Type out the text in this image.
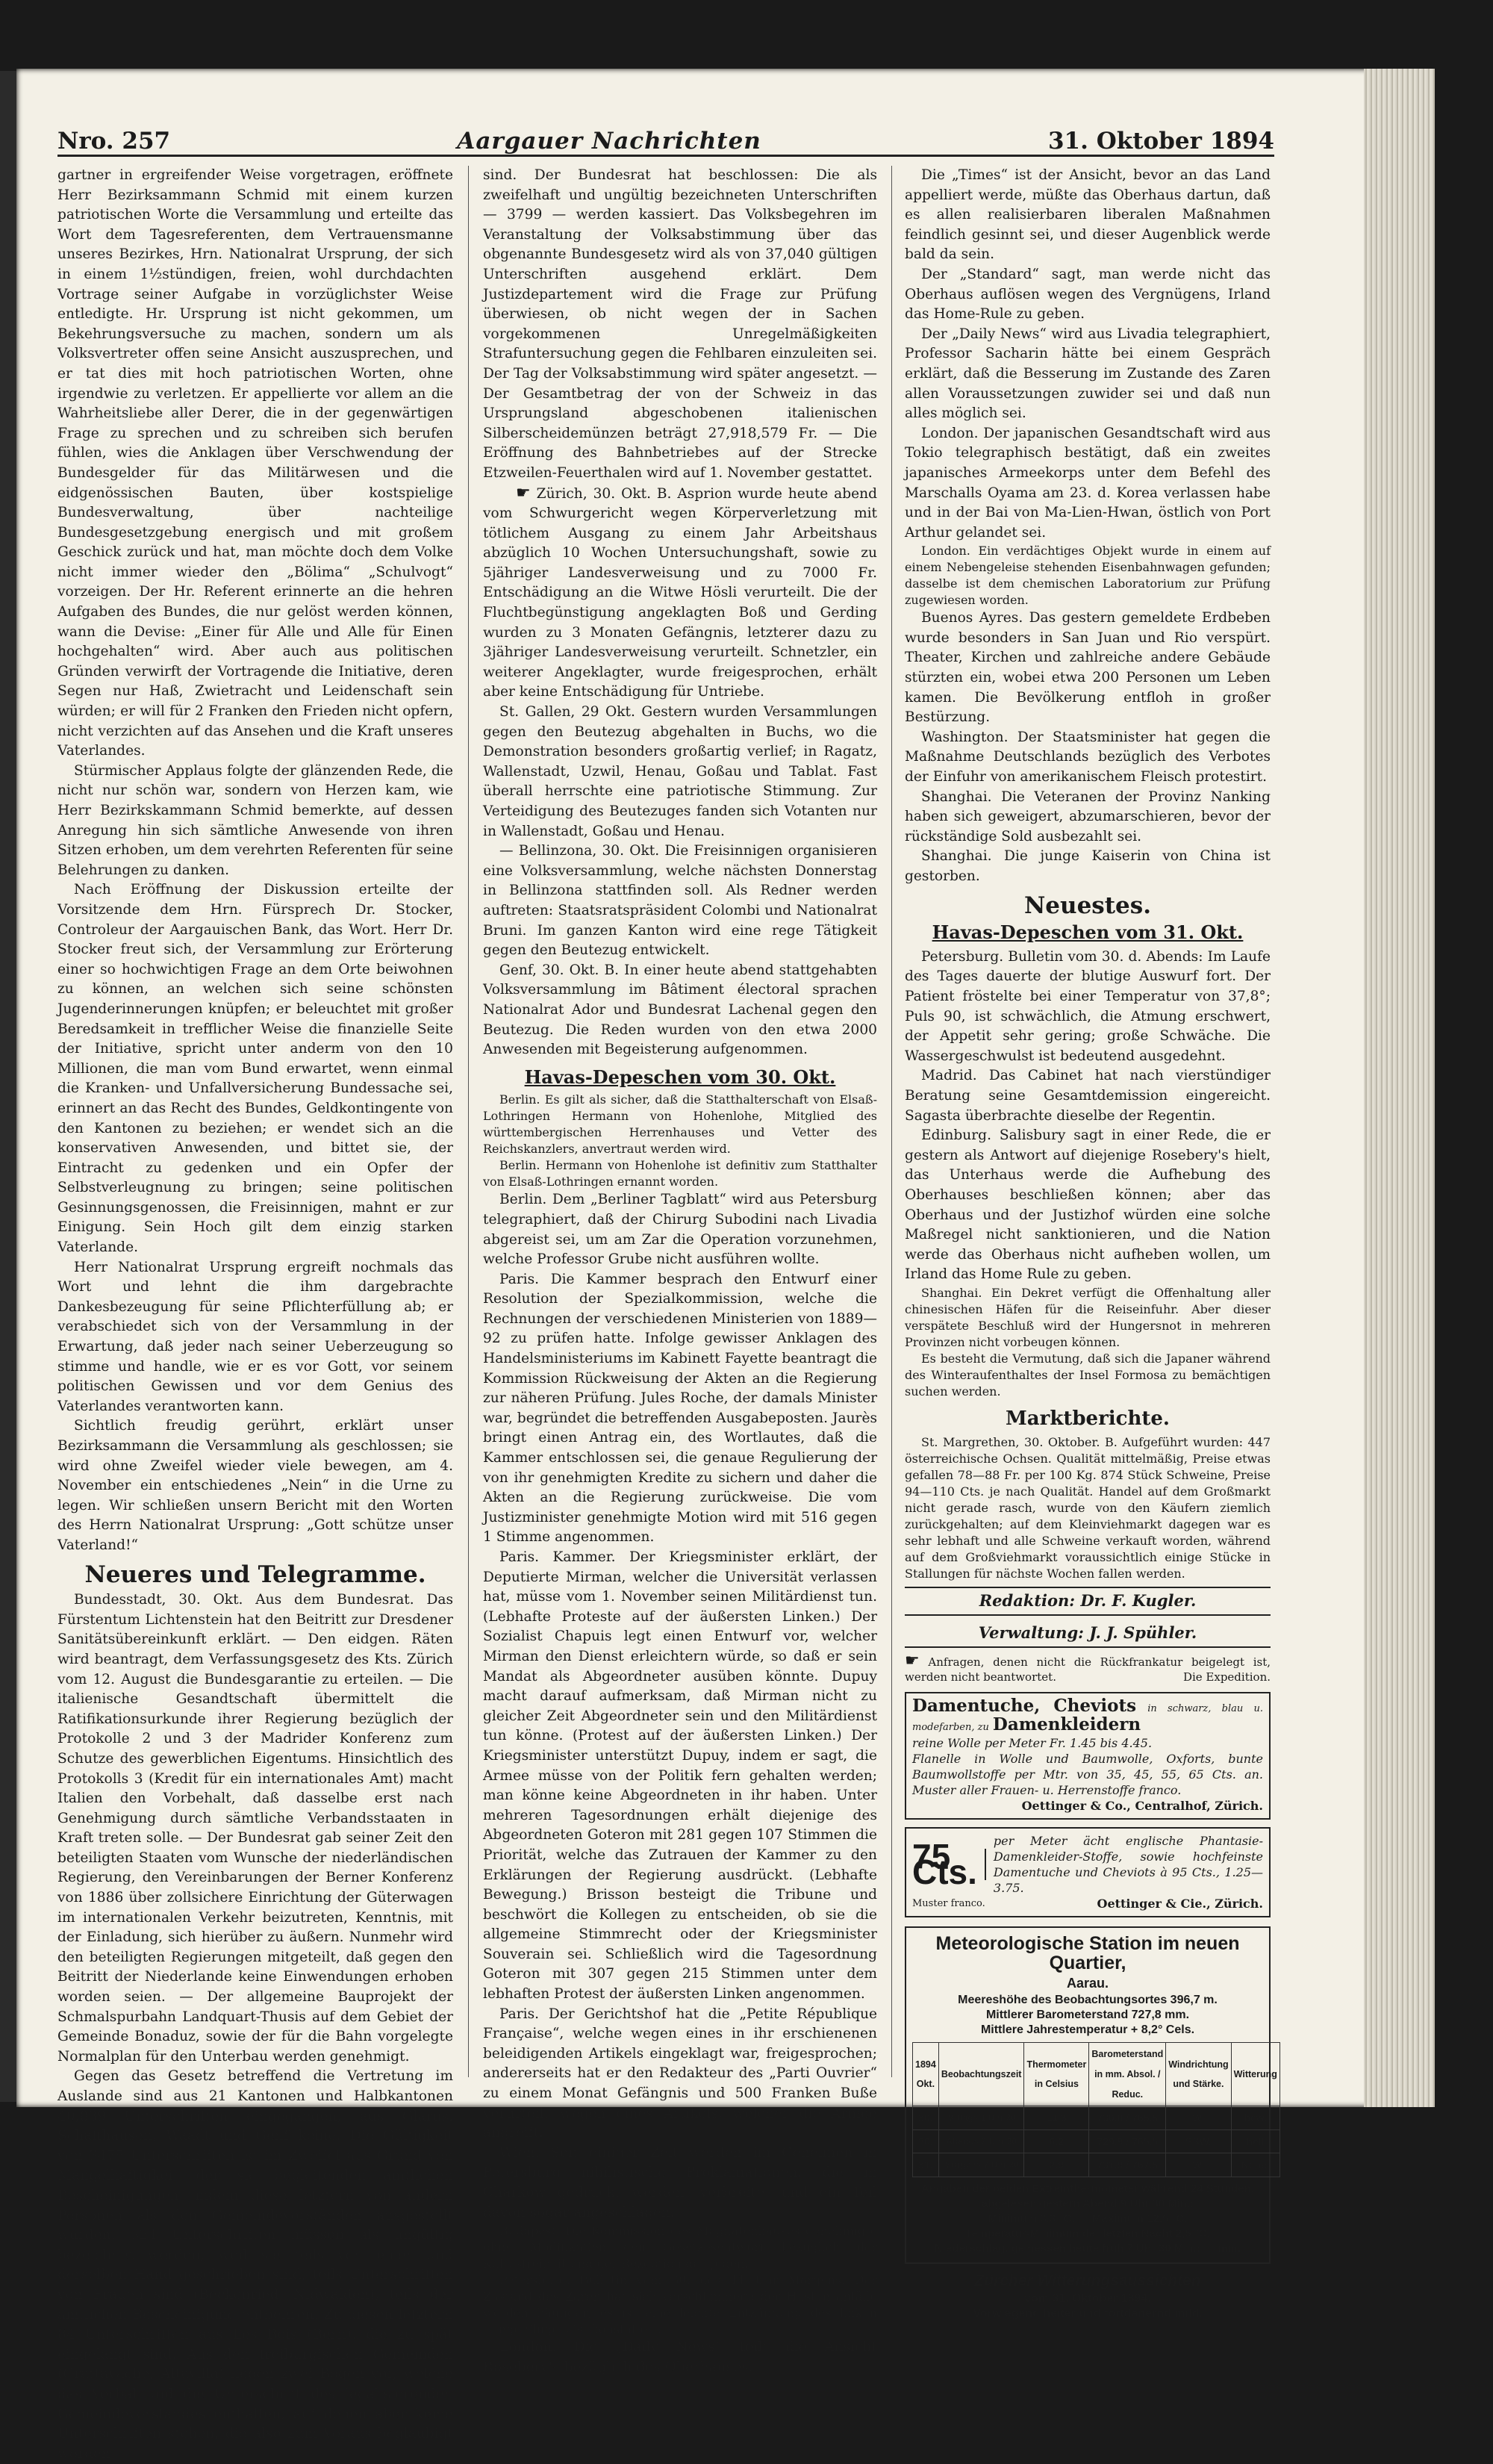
Nro. 257	Aargauer Nachrichten	31. Oktober 1894

gartner in ergreifender Weise vorgetragen, eröffnete Herr Bezirksammann Schmid mit einem kurzen patriotischen Worte die Versammlung und erteilte das Wort dem Tagesreferenten, dem Vertrauensmanne unseres Bezirkes, Hrn. Nationalrat Ursprung, der sich in einem 1½stündigen, freien, wohl durchdachten Vortrage seiner Aufgabe in vorzüglichster Weise entledigte. Hr. Ursprung ist nicht gekommen, um Bekehrungsversuche zu machen, sondern um als Volksvertreter offen seine Ansicht auszusprechen, und er tat dies mit hoch patriotischen Worten, ohne irgendwie zu verletzen. Er appellierte vor allem an die Wahrheitsliebe aller Derer, die in der gegenwärtigen Frage zu sprechen und zu schreiben sich berufen fühlen, wies die Anklagen über Verschwendung der Bundesgelder für das Militärwesen und die eidgenössischen Bauten, über kostspielige Bundesverwaltung, über nachteilige Bundesgesetzgebung energisch und mit großem Geschick zurück und hat, man möchte doch dem Volke nicht immer wieder den „Bölima“ „Schulvogt“ vorzeigen. Der Hr. Referent erinnerte an die hehren Aufgaben des Bundes, die nur gelöst werden können, wann die Devise: „Einer für Alle und Alle für Einen hochgehalten“ wird. Aber auch aus politischen Gründen verwirft der Vortragende die Initiative, deren Segen nur Haß, Zwietracht und Leidenschaft sein würden; er will für 2 Franken den Frieden nicht opfern, nicht verzichten auf das Ansehen und die Kraft unseres Vaterlandes.

Stürmischer Applaus folgte der glänzenden Rede, die nicht nur schön war, sondern von Herzen kam, wie Herr Bezirkskammann Schmid bemerkte, auf dessen Anregung hin sich sämtliche Anwesende von ihren Sitzen erhoben, um dem verehrten Referenten für seine Belehrungen zu danken.

Nach Eröffnung der Diskussion erteilte der Vorsitzende dem Hrn. Fürsprech Dr. Stocker, Controleur der Aargauischen Bank, das Wort. Herr Dr. Stocker freut sich, der Versammlung zur Erörterung einer so hochwichtigen Frage an dem Orte beiwohnen zu können, an welchen sich seine schönsten Jugenderinnerungen knüpfen; er beleuchtet mit großer Beredsamkeit in trefflicher Weise die finanzielle Seite der Initiative, spricht unter anderm von den 10 Millionen, die man vom Bund erwartet, wenn einmal die Kranken- und Unfallversicherung Bundessache sei, erinnert an das Recht des Bundes, Geldkontingente von den Kantonen zu beziehen; er wendet sich an die konservativen Anwesenden, und bittet sie, der Eintracht zu gedenken und ein Opfer der Selbstverleugnung zu bringen; seine politischen Gesinnungsgenossen, die Freisinnigen, mahnt er zur Einigung. Sein Hoch gilt dem einzig starken Vaterlande.

Herr Nationalrat Ursprung ergreift nochmals das Wort und lehnt die ihm dargebrachte Dankesbezeugung für seine Pflichterfüllung ab; er verabschiedet sich von der Versammlung in der Erwartung, daß jeder nach seiner Ueberzeugung so stimme und handle, wie er es vor Gott, vor seinem politischen Gewissen und vor dem Genius des Vaterlandes verantworten kann.

Sichtlich freudig gerührt, erklärt unser Bezirksammann die Versammlung als geschlossen; sie wird ohne Zweifel wieder viele bewegen, am 4. November ein entschiedenes „Nein“ in die Urne zu legen. Wir schließen unsern Bericht mit den Worten des Herrn Nationalrat Ursprung: „Gott schütze unser Vaterland!“

Neueres und Telegramme.

Bundesstadt, 30. Okt. Aus dem Bundesrat. Das Fürstentum Lichtenstein hat den Beitritt zur Dresdener Sanitätsübereinkunft erklärt. — Den eidgen. Räten wird beantragt, dem Verfassungsgesetz des Kts. Zürich vom 12. August die Bundesgarantie zu erteilen. — Die italienische Gesandtschaft übermittelt die Ratifikationsurkunde ihrer Regierung bezüglich der Protokolle 2 und 3 der Madrider Konferenz zum Schutze des gewerblichen Eigentums. Hinsichtlich des Protokolls 3 (Kredit für ein internationales Amt) macht Italien den Vorbehalt, daß dasselbe erst nach Genehmigung durch sämtliche Verbandsstaaten in Kraft treten solle. — Der Bundesrat gab seiner Zeit den beteiligten Staaten vom Wunsche der niederländischen Regierung, den Vereinbarungen der Berner Konferenz von 1886 über zollsichere Einrichtung der Güterwagen im internationalen Verkehr beizutreten, Kenntnis, mit der Einladung, sich hierüber zu äußern. Nunmehr wird den beteiligten Regierungen mitgeteilt, daß gegen den Beitritt der Niederlande keine Einwendungen erhoben worden seien. — Der allgemeine Bauprojekt der Schmalspurbahn Landquart-Thusis auf dem Gebiet der Gemeinde Bonaduz, sowie der für die Bahn vorgelegte Normalplan für den Unterbau werden genehmigt.

Gegen das Gesetz betreffend die Vertretung im Auslande sind aus 21 Kantonen und Halbkantonen 40,839 Unterschriften eingegangen, aus Glarus, Schaffhausen, Waadt und Genf keine. Die Gültigkeit von 3475 Unterschriften ist im Zweifel aus Grund von Mangelhaftigkeit der sie begleitenden amtlichen Bescheinigungen, indem diese letztern von andern Personen als den Gemeindevorständen ausgestellt wurden. 324 Unterschriften müssen als ungültig bezeichnet werden, weil sie teils von einer und derselben Hand geschrieben sind, teils Unterschriften von Frauen sind (Beckenried, Nidwalden), teils der amtlichen Bescheinigung entbehren. Zu diesen letztern 84 Unterschriften aus Les Bois (Bern), die zu spät eingelangt sind. Aus den freiburgischen Gemeinden (Grattavache, Altavilla) liegen zwei Bogen vor, welche das Verbal und die Unterschrift des legalisierenden Gemeindevorstandes enthalten, auf denen aber keine Unterschriften stehen, die also zum Voraus beglaubigt worden

sind. Der Bundesrat hat beschlossen: Die als zweifelhaft und ungültig bezeichneten Unterschriften — 3799 — werden kassiert. Das Volksbegehren im Veranstaltung der Volksabstimmung über das obgenannte Bundesgesetz wird als von 37,040 gültigen Unterschriften ausgehend erklärt. Dem Justizdepartement wird die Frage zur Prüfung überwiesen, ob nicht wegen der in Sachen vorgekommenen Unregelmäßigkeiten Strafuntersuchung gegen die Fehlbaren einzuleiten sei. Der Tag der Volksabstimmung wird später angesetzt. — Der Gesamtbetrag der von der Schweiz in das Ursprungsland abgeschobenen italienischen Silberscheidemünzen beträgt 27,918,579 Fr. — Die Eröffnung des Bahnbetriebes auf der Strecke Etzweilen-Feuerthalen wird auf 1. November gestattet.

☛ Zürich, 30. Okt. B. Asprion wurde heute abend vom Schwurgericht wegen Körperverletzung mit tötlichem Ausgang zu einem Jahr Arbeitshaus abzüglich 10 Wochen Untersuchungshaft, sowie zu 5jähriger Landesverweisung und zu 7000 Fr. Entschädigung an die Witwe Hösli verurteilt. Die der Fluchtbegünstigung angeklagten Boß und Gerding wurden zu 3 Monaten Gefängnis, letzterer dazu zu 3jähriger Landesverweisung verurteilt. Schnetzler, ein weiterer Angeklagter, wurde freigesprochen, erhält aber keine Entschädigung für Untriebe.

St. Gallen, 29 Okt. Gestern wurden Versammlungen gegen den Beutezug abgehalten in Buchs, wo die Demonstration besonders großartig verlief; in Ragatz, Wallenstadt, Uzwil, Henau, Goßau und Tablat. Fast überall herrschte eine patriotische Stimmung. Zur Verteidigung des Beutezuges fanden sich Votanten nur in Wallenstadt, Goßau und Henau.

— Bellinzona, 30. Okt. Die Freisinnigen organisieren eine Volksversammlung, welche nächsten Donnerstag in Bellinzona stattfinden soll. Als Redner werden auftreten: Staatsratspräsident Colombi und Nationalrat Bruni. Im ganzen Kanton wird eine rege Tätigkeit gegen den Beutezug entwickelt.

Genf, 30. Okt. B. In einer heute abend stattgehabten Volksversammlung im Bâtiment électoral sprachen Nationalrat Ador und Bundesrat Lachenal gegen den Beutezug. Die Reden wurden von den etwa 2000 Anwesenden mit Begeisterung aufgenommen.

Havas-Depeschen vom 30. Okt.

Berlin. Es gilt als sicher, daß die Statthalterschaft von Elsaß-Lothringen Hermann von Hohenlohe, Mitglied des württembergischen Herrenhauses und Vetter des Reichskanzlers, anvertraut werden wird.

Berlin. Hermann von Hohenlohe ist definitiv zum Statthalter von Elsaß-Lothringen ernannt worden.

Berlin. Dem „Berliner Tagblatt“ wird aus Petersburg telegraphiert, daß der Chirurg Subodini nach Livadia abgereist sei, um am Zar die Operation vorzunehmen, welche Professor Grube nicht ausführen wollte.

Paris. Die Kammer besprach den Entwurf einer Resolution der Spezialkommission, welche die Rechnungen der verschiedenen Ministerien von 1889—92 zu prüfen hatte. Infolge gewisser Anklagen des Handelsministeriums im Kabinett Fayette beantragt die Kommission Rückweisung der Akten an die Regierung zur näheren Prüfung. Jules Roche, der damals Minister war, begründet die betreffenden Ausgabeposten. Jaurès bringt einen Antrag ein, des Wortlautes, daß die Kammer entschlossen sei, die genaue Regulierung der von ihr genehmigten Kredite zu sichern und daher die Akten an die Regierung zurückweise. Die vom Justizminister genehmigte Motion wird mit 516 gegen 1 Stimme angenommen.

Paris. Kammer. Der Kriegsminister erklärt, der Deputierte Mirman, welcher die Universität verlassen hat, müsse vom 1. November seinen Militärdienst tun. (Lebhafte Proteste auf der äußersten Linken.) Der Sozialist Chapuis legt einen Entwurf vor, welcher Mirman den Dienst erleichtern würde, so daß er sein Mandat als Abgeordneter ausüben könnte. Dupuy macht darauf aufmerksam, daß Mirman nicht zu gleicher Zeit Abgeordneter sein und den Militärdienst tun könne. (Protest auf der äußersten Linken.) Der Kriegsminister unterstützt Dupuy, indem er sagt, die Armee müsse von der Politik fern gehalten werden; man könne keine Abgeordneten in ihr haben. Unter mehreren Tagesordnungen erhält diejenige des Abgeordneten Goteron mit 281 gegen 107 Stimmen die Priorität, welche das Zutrauen der Kammer zu den Erklärungen der Regierung ausdrückt. (Lebhafte Bewegung.) Brisson besteigt die Tribune und beschwört die Kollegen zu entscheiden, ob sie die allgemeine Stimmrecht oder der Kriegsminister Souverain sei. Schließlich wird die Tagesordnung Goteron mit 307 gegen 215 Stimmen unter dem lebhaften Protest der äußersten Linken angenommen.

Paris. Der Gerichtshof hat die „Petite République Française“, welche wegen eines in ihr erschienenen beleidigenden Artikels eingeklagt war, freigesprochen; andererseits hat er den Redakteur des „Parti Ouvrier“ zu einem Monat Gefängnis und 500 Franken Buße verurteilt wegen eines Artikels, welcher die Armee angreift.

Wien. Seit einiger Zeit werden im Geheimen in Petersburg nihilistische Proklamationen, die in Charkow gedruckt werden, verbreitet und ein Teil davon sogar angeschlagen.

Budapest. Die Kommission des Magnatenhauses genehmigte ohne Modifikation den Gesetzesentwurf bezüglich der Kultusfreiheit und der Rezeption der Juden.

Petersburg. Bulletin vom 30. des 11 Uhr Morgens. Der Zustand des Zaren hat sich verschlimmert; der Husten anfälle werden häufiger; es ist eine leichte Entzündung des linken Lungenflügels ist konstatiert.

London. Die „Daily News“ teilt die Ansicht Rosebery's bezüglich des Oberhauses.

Die „Times“ ist der Ansicht, bevor an das Land appelliert werde, müßte das Oberhaus dartun, daß es allen realisierbaren liberalen Maßnahmen feindlich gesinnt sei, und dieser Augenblick werde bald da sein.

Der „Standard“ sagt, man werde nicht das Oberhaus auflösen wegen des Vergnügens, Irland das Home-Rule zu geben.

Der „Daily News“ wird aus Livadia telegraphiert, Professor Sacharin hätte bei einem Gespräch erklärt, daß die Besserung im Zustande des Zaren allen Voraussetzungen zuwider sei und daß nun alles möglich sei.

London. Der japanischen Gesandtschaft wird aus Tokio telegraphisch bestätigt, daß ein zweites japanisches Armeekorps unter dem Befehl des Marschalls Oyama am 23. d. Korea verlassen habe und in der Bai von Ma-Lien-Hwan, östlich von Port Arthur gelandet sei.

London. Ein verdächtiges Objekt wurde in einem auf einem Nebengeleise stehenden Eisenbahnwagen gefunden; dasselbe ist dem chemischen Laboratorium zur Prüfung zugewiesen worden.

Buenos Ayres. Das gestern gemeldete Erdbeben wurde besonders in San Juan und Rio verspürt. Theater, Kirchen und zahlreiche andere Gebäude stürzten ein, wobei etwa 200 Personen um Leben kamen. Die Bevölkerung entfloh in großer Bestürzung.

Washington. Der Staatsminister hat gegen die Maßnahme Deutschlands bezüglich des Verbotes der Einfuhr von amerikanischem Fleisch protestirt.

Shanghai. Die Veteranen der Provinz Nanking haben sich geweigert, abzumarschieren, bevor der rückständige Sold ausbezahlt sei.

Shanghai. Die junge Kaiserin von China ist gestorben.

Neuestes.
Havas-Depeschen vom 31. Okt.

Petersburg. Bulletin vom 30. d. Abends: Im Laufe des Tages dauerte der blutige Auswurf fort. Der Patient fröstelte bei einer Temperatur von 37,8°; Puls 90, ist schwächlich, die Atmung erschwert, der Appetit sehr gering; große Schwäche. Die Wassergeschwulst ist bedeutend ausgedehnt.

Madrid. Das Cabinet hat nach vierstündiger Beratung seine Gesamtdemission eingereicht. Sagasta überbrachte dieselbe der Regentin.

Edinburg. Salisbury sagt in einer Rede, die er gestern als Antwort auf diejenige Rosebery's hielt, das Unterhaus werde die Aufhebung des Oberhauses beschließen können; aber das Oberhaus und der Justizhof würden eine solche Maßregel nicht sanktionieren, und die Nation werde das Oberhaus nicht aufheben wollen, um Irland das Home Rule zu geben.

Shanghai. Ein Dekret verfügt die Offenhaltung aller chinesischen Häfen für die Reiseinfuhr. Aber dieser verspätete Beschluß wird der Hungersnot in mehreren Provinzen nicht vorbeugen können.

Es besteht die Vermutung, daß sich die Japaner während des Winteraufenthaltes der Insel Formosa zu bemächtigen suchen werden.

Marktberichte.

St. Margrethen, 30. Oktober. B. Aufgeführt wurden: 447 österreichische Ochsen. Qualität mittelmäßig, Preise etwas gefallen 78—88 Fr. per 100 Kg. 874 Stück Schweine, Preise 94—110 Cts. je nach Qualität. Handel auf dem Großmarkt nicht gerade rasch, wurde von den Käufern ziemlich zurückgehalten; auf dem Kleinviehmarkt dagegen war es sehr lebhaft und alle Schweine verkauft worden, während auf dem Großviehmarkt voraussichtlich einige Stücke in Stallungen für nächste Wochen fallen werden.

Redaktion: Dr. F. Kugler.
Verwaltung: J. J. Spühler.
☛ Anfragen, denen nicht die Rückfrankatur beigelegt ist, werden nicht beantwortet.	Die Expedition.
Damentuche, Cheviots in schwarz, blau u. modefarben, zu Damenkleidern
reine Wolle per Meter Fr. 1.45 bis 4.45.
Flanelle in Wolle und Baumwolle, Oxforts, bunte Baumwollstoffe per Mtr. von 35, 45, 55, 65 Cts. an. Muster aller Frauen- u. Herrenstoffe franco.
Oettinger & Co., Centralhof, Zürich.
75 Cts.
per Meter ächt englische Phantasie-Damenkleider-Stoffe, sowie hochfeinste Damentuche und Cheviots à 95 Cts., 1.25—3.75.
Muster franco.	Oettinger & Cie., Zürich.
Meteorologische Station im neuen Quartier,
Aarau.
Meereshöhe des Beobachtungsortes 396,7 m.
Mittlerer Barometerstand 727,8 mm.
Mittlere Jahrestemperatur + 8,2° Cels.
1894 Okt.	Beobachtungszeit	Thermometer in Celsius	Barometerstand in mm. Absol. / Reduc.	Windrichtung und Stärke.	Witterung
30.	Mittags 1 Uhr 30	11,3	730,0 / 765,5	W.	bew.
30.	Abends 9 Uhr 30	6,2	729,9 / 765,5	SSW.	hell
31.	Morgens 7 Uhr 30	2,9	731,9 / 767,5	W.	Nebel
Angaben der beiden Extremthermometer während 24 Stunden, abgelesen gestern Abend 9 Uhr 30 Min.:
Minimum 3,3 °C. — Maximum 12,5 °C.
Temperatur-Minimum der letzten Nacht 2,5 °C.
Niederschlag, gemessen heute früh 7 Uhr 30 Min.: — mm.
Zürcher Witterungsaussichten
vom 31. Oktober 1894.
Vorwiegend heiter und fortdanernd mild.
